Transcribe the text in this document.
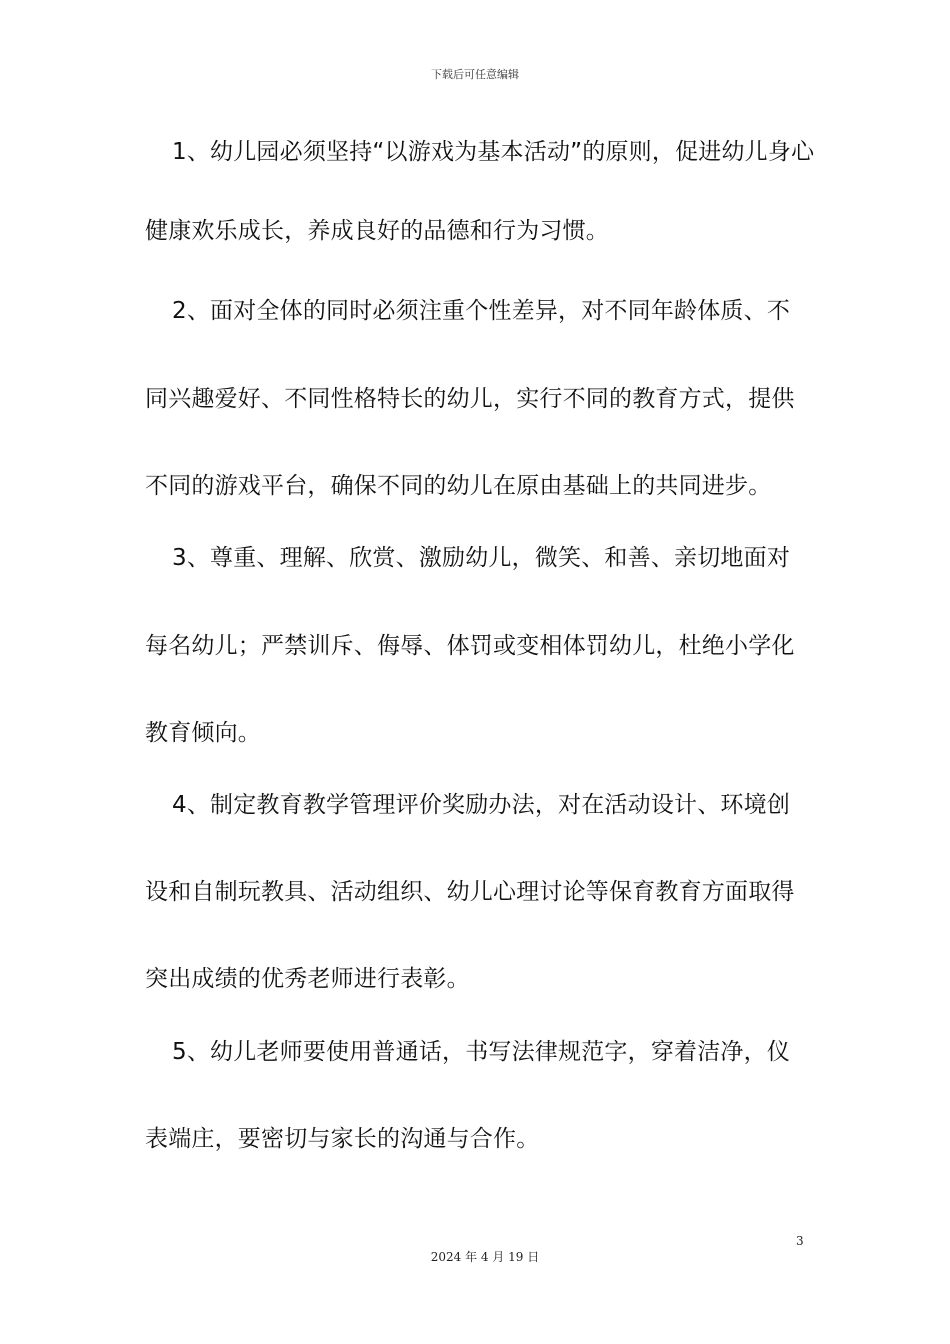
下载后可任意编辑
1、幼儿园必须坚持“以游戏为基本活动”的原则，促进幼儿身心
健康欢乐成长，养成良好的品德和行为习惯。
2、面对全体的同时必须注重个性差异，对不同年龄体质、不
同兴趣爱好、不同性格特长的幼儿，实行不同的教育方式，提供
不同的游戏平台，确保不同的幼儿在原由基础上的共同进步。
3、尊重、理解、欣赏、激励幼儿，微笑、和善、亲切地面对
每名幼儿；严禁训斥、侮辱、体罚或变相体罚幼儿，杜绝小学化
教育倾向。
4、制定教育教学管理评价奖励办法，对在活动设计、环境创
设和自制玩教具、活动组织、幼儿心理讨论等保育教育方面取得
突出成绩的优秀老师进行表彰。
5、幼儿老师要使用普通话，书写法律规范字，穿着洁净，仪
表端庄，要密切与家长的沟通与合作。
3
2024 年 4 月 19 日
